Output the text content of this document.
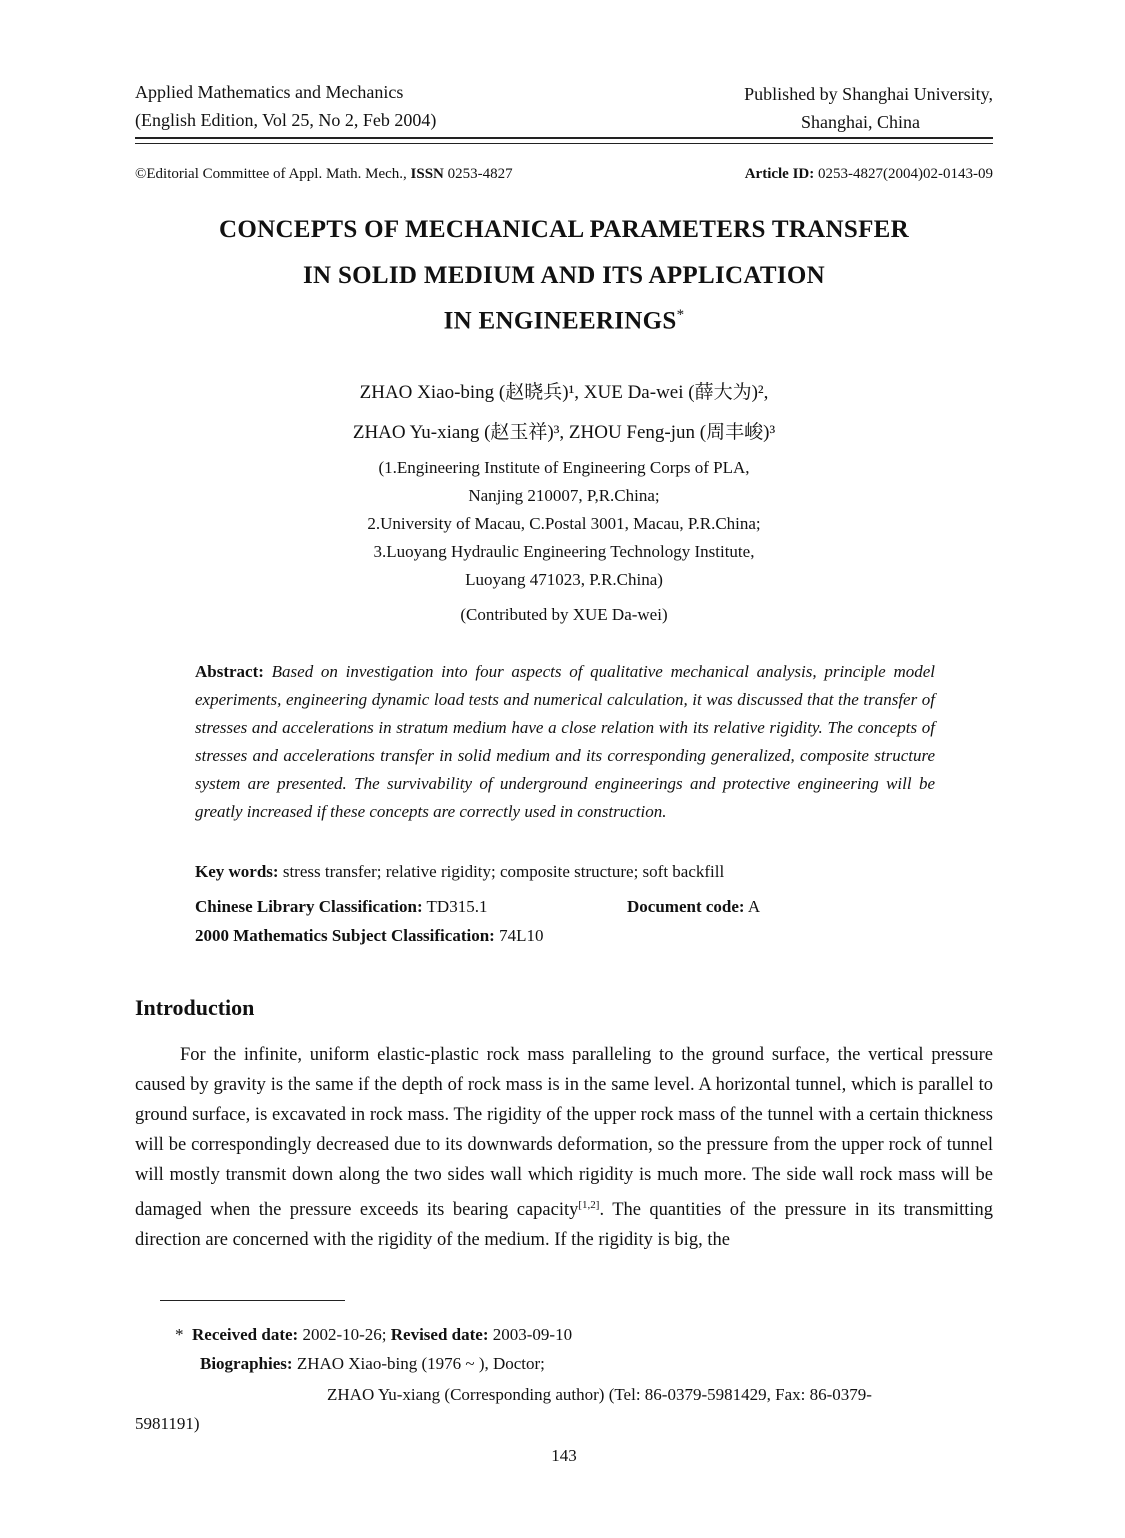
Applied Mathematics and Mechanics
(English Edition, Vol 25, No 2, Feb 2004)
Published by Shanghai University,
Shanghai, China
©Editorial Committee of Appl. Math. Mech., ISSN 0253-4827	Article ID: 0253-4827(2004)02-0143-09
CONCEPTS OF MECHANICAL PARAMETERS TRANSFER
IN SOLID MEDIUM AND ITS APPLICATION
IN ENGINEERINGS*
ZHAO Xiao-bing (赵晓兵)¹, XUE Da-wei (薛大为)²,
ZHAO Yu-xiang (赵玉祥)³, ZHOU Feng-jun (周丰峻)³
(1.Engineering Institute of Engineering Corps of PLA,
Nanjing 210007, P,R.China;
2.University of Macau, C.Postal 3001, Macau, P.R.China;
3.Luoyang Hydraulic Engineering Technology Institute,
Luoyang 471023, P.R.China)
(Contributed by XUE Da-wei)
Abstract: Based on investigation into four aspects of qualitative mechanical analysis, principle model experiments, engineering dynamic load tests and numerical calculation, it was discussed that the transfer of stresses and accelerations in stratum medium have a close relation with its relative rigidity. The concepts of stresses and accelerations transfer in solid medium and its corresponding generalized, composite structure system are presented. The survivability of underground engineerings and protective engineering will be greatly increased if these concepts are correctly used in construction.
Key words: stress transfer; relative rigidity; composite structure; soft backfill
Chinese Library Classification: TD315.1	Document code: A
2000 Mathematics Subject Classification: 74L10
Introduction
For the infinite, uniform elastic-plastic rock mass paralleling to the ground surface, the vertical pressure caused by gravity is the same if the depth of rock mass is in the same level. A horizontal tunnel, which is parallel to ground surface, is excavated in rock mass. The rigidity of the upper rock mass of the tunnel with a certain thickness will be correspondingly decreased due to its downwards deformation, so the pressure from the upper rock of tunnel will mostly transmit down along the two sides wall which rigidity is much more. The side wall rock mass will be damaged when the pressure exceeds its bearing capacity[1,2]. The quantities of the pressure in its transmitting direction are concerned with the rigidity of the medium. If the rigidity is big, the
* Received date: 2002-10-26; Revised date: 2003-09-10
Biographies: ZHAO Xiao-bing (1976 ~ ), Doctor;
ZHAO Yu-xiang (Corresponding author) (Tel: 86-0379-5981429, Fax: 86-0379-
5981191)
143
